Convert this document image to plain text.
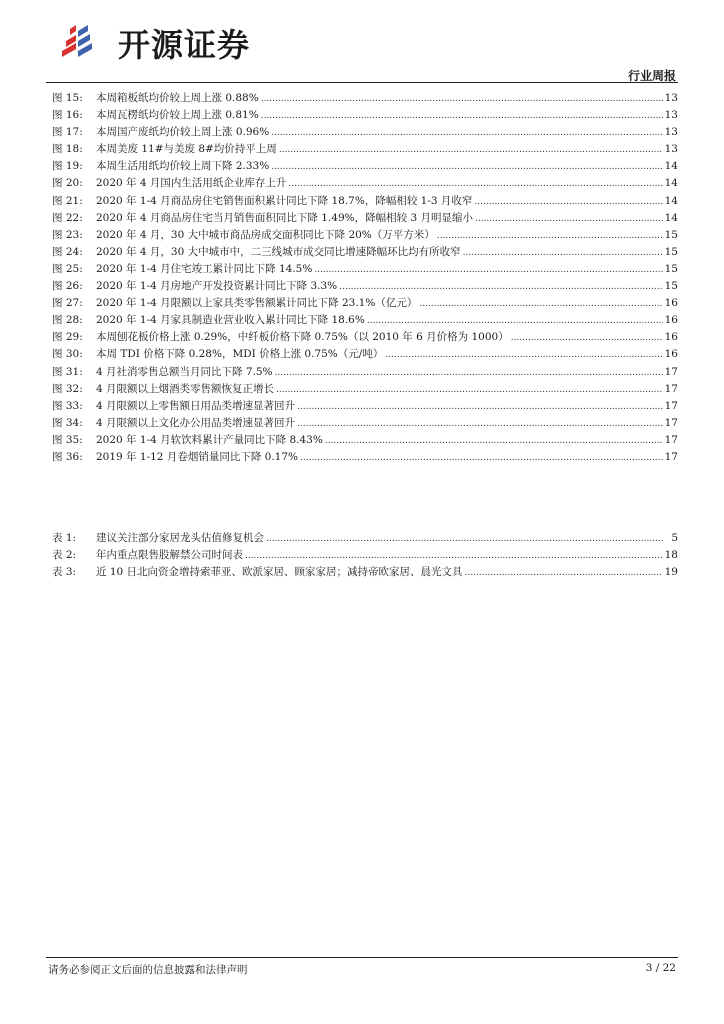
开源证券
行业周报
图 15:	本周箱板纸均价较上周上涨 0.88% .....	13
图 16:	本周瓦楞纸均价较上周上涨 0.81% .....	13
图 17:	本周国产废纸均价较上周上涨 0.96% .....	13
图 18:	本周美废 11#与美废 8#均价持平上周 .....	13
图 19:	本周生活用纸均价较上周下降 2.33% .....	14
图 20:	2020 年 4 月国内生活用纸企业库存上升 .....	14
图 21:	2020 年 1-4 月商品房住宅销售面积累计同比下降 18.7%，降幅相较 1-3 月收窄 .....	14
图 22:	2020 年 4 月商品房住宅当月销售面积同比下降 1.49%，降幅相较 3 月明显缩小 .....	14
图 23:	2020 年 4 月，30 大中城市商品房成交面积同比下降 20%（万平方米） .....	15
图 24:	2020 年 4 月，30 大中城市中，二三线城市成交同比增速降幅环比均有所收窄 .....	15
图 25:	2020 年 1-4 月住宅竣工累计同比下降 14.5% .....	15
图 26:	2020 年 1-4 月房地产开发投资累计同比下降 3.3% .....	15
图 27:	2020 年 1-4 月限额以上家具类零售额累计同比下降 23.1%（亿元） .....	16
图 28:	2020 年 1-4 月家具制造业营业收入累计同比下降 18.6% .....	16
图 29:	本周刨花板价格上涨 0.29%，中纤板价格下降 0.75%（以 2010 年 6 月价格为 1000） .....	16
图 30:	本周 TDI 价格下降 0.28%，MDI 价格上涨 0.75%（元/吨） .....	16
图 31:	4 月社消零售总额当月同比下降 7.5% .....	17
图 32:	4 月限额以上烟酒类零售额恢复正增长 .....	17
图 33:	4 月限额以上零售额日用品类增速显著回升 .....	17
图 34:	4 月限额以上文化办公用品类增速显著回升 .....	17
图 35:	2020 年 1-4 月软饮料累计产量同比下降 8.43% .....	17
图 36:	2019 年 1-12 月卷烟销量同比下降 0.17% .....	17
表 1:	建议关注部分家居龙头估值修复机会 .....	5
表 2:	年内重点限售股解禁公司时间表 .....	18
表 3:	近 10 日北向资金增持索菲亚、欧派家居、顾家家居；减持帝欧家居、晨光文具 .....	19
请务必参阅正文后面的信息披露和法律声明	3 / 22
